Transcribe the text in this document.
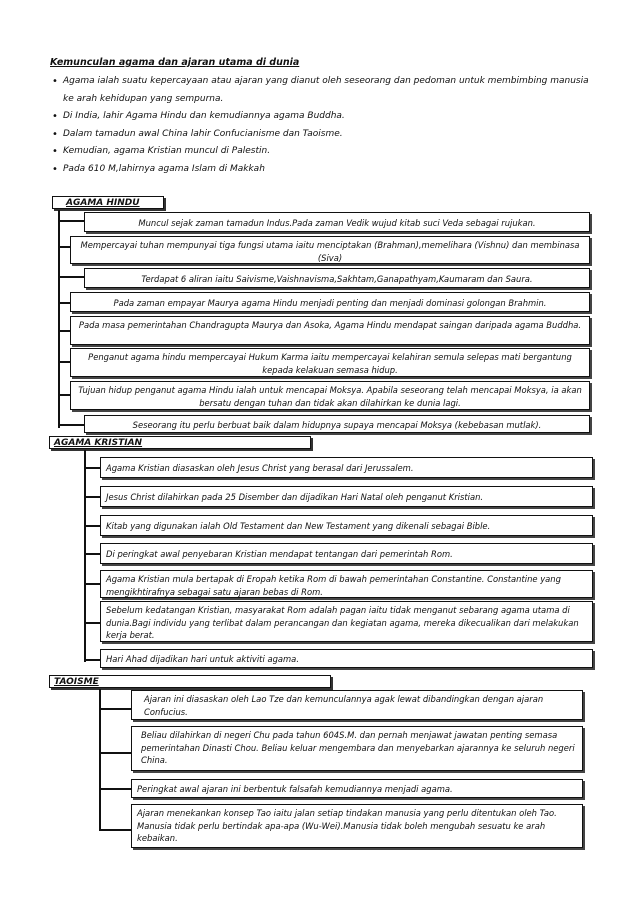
Kemunculan agama dan ajaran utama di dunia
• Agama ialah suatu kepercayaan atau ajaran yang dianut oleh seseorang dan pedoman untuk membimbing manusia ke arah kehidupan yang sempurna.
• Di India, lahir Agama Hindu dan kemudiannya agama Buddha.
• Dalam tamadun awal China lahir Confucianisme dan Taoisme.
• Kemudian, agama Kristian muncul di Palestin.
• Pada 610 M,lahirnya agama Islam di Makkah
AGAMA HINDU
Muncul sejak zaman tamadun Indus.Pada zaman Vedik wujud kitab suci Veda sebagai rujukan.
Mempercayai tuhan mempunyai tiga fungsi utama iaitu menciptakan (Brahman),memelihara (Vishnu) dan membinasa (Siva)
Terdapat 6 aliran iaitu Saivisme,Vaishnavisma,Sakhtam,Ganapathyam,Kaumaram dan Saura.
Pada zaman empayar Maurya agama Hindu menjadi penting dan menjadi dominasi golongan Brahmin.
Pada masa pemerintahan Chandragupta Maurya dan Asoka, Agama Hindu mendapat saingan daripada agama Buddha.
Penganut agama hindu mempercayai Hukum Karma iaitu mempercayai kelahiran semula selepas mati bergantung kepada kelakuan semasa hidup.
Tujuan hidup penganut agama Hindu ialah untuk mencapai Moksya. Apabila seseorang telah mencapai Moksya, ia akan bersatu dengan tuhan dan tidak akan dilahirkan ke dunia lagi.
Seseorang itu perlu berbuat baik dalam hidupnya supaya mencapai Moksya (kebebasan mutlak).
AGAMA KRISTIAN
Agama Kristian diasaskan oleh Jesus Christ yang berasal dari Jerussalem.
Jesus Christ dilahirkan pada 25 Disember dan dijadikan Hari Natal oleh penganut Kristian.
Kitab yang digunakan ialah Old Testament dan New Testament yang dikenali sebagai Bible.
Di peringkat awal penyebaran Kristian mendapat tentangan dari pemerintah Rom.
Agama Kristian mula bertapak di Eropah ketika Rom di bawah pemerintahan Constantine. Constantine yang mengikhtirafnya sebagai satu ajaran bebas di Rom.
Sebelum kedatangan Kristian, masyarakat Rom adalah pagan iaitu tidak menganut sebarang agama utama di dunia.Bagi individu yang terlibat dalam perancangan dan kegiatan agama, mereka dikecualikan dari melakukan kerja berat.
Hari Ahad dijadikan hari untuk aktiviti agama.
TAOISME
Ajaran ini diasaskan oleh Lao Tze dan kemunculannya agak lewat dibandingkan dengan ajaran Confucius.
Beliau dilahirkan di negeri Chu pada tahun 604S.M. dan pernah menjawat jawatan penting semasa pemerintahan Dinasti Chou. Beliau keluar mengembara dan menyebarkan ajarannya ke seluruh negeri China.
Peringkat awal ajaran ini berbentuk falsafah kemudiannya menjadi agama.
Ajaran menekankan konsep Tao iaitu jalan setiap tindakan manusia yang perlu ditentukan oleh Tao. Manusia tidak perlu bertindak apa-apa (Wu-Wei).Manusia tidak boleh mengubah sesuatu ke arah kebaikan.
